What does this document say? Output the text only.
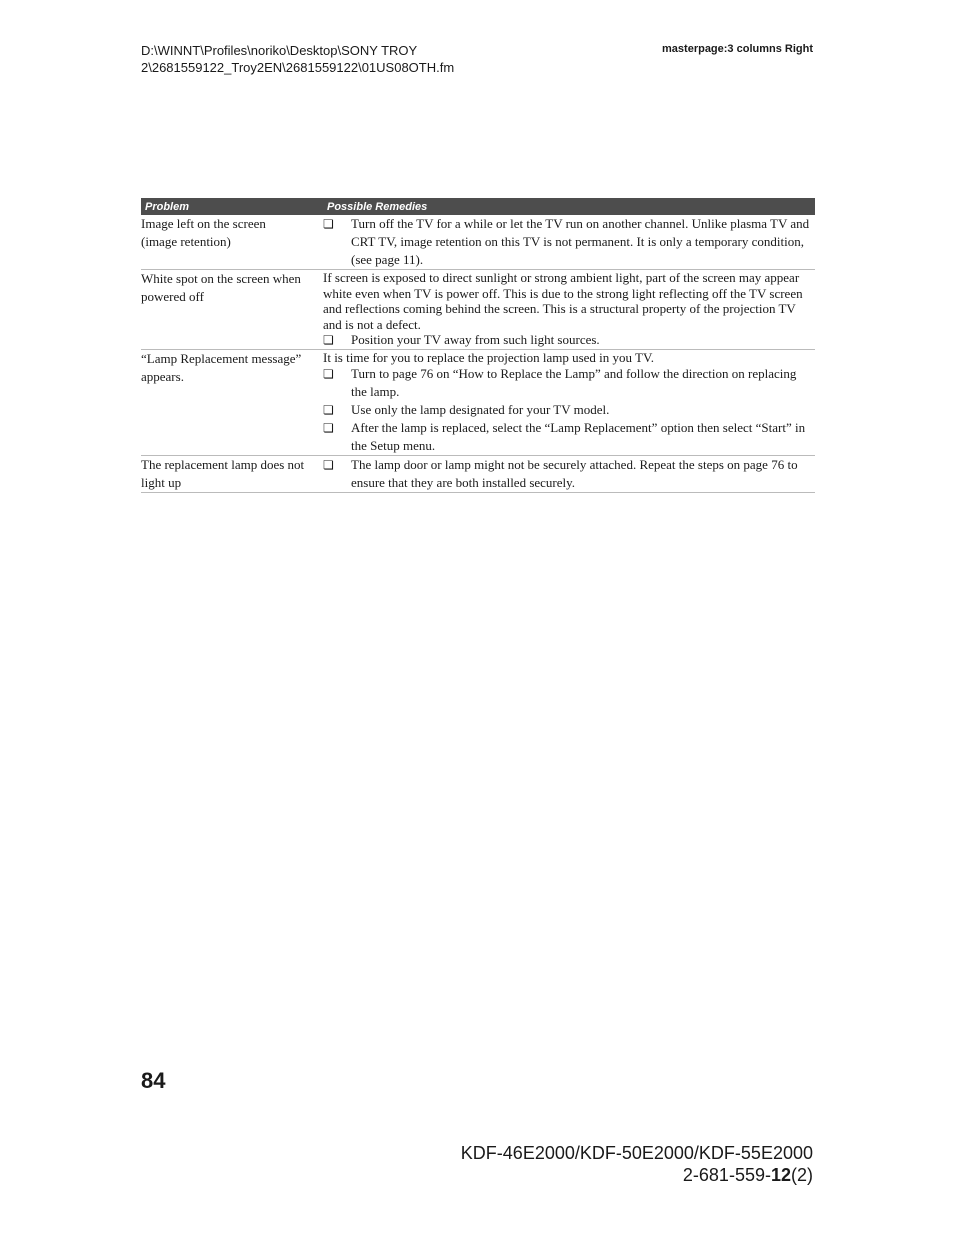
D:\WINNT\Profiles\noriko\Desktop\SONY TROY
2\2681559122_Troy2EN\2681559122\01US08OTH.fm
masterpage:3 columns Right
Problem	Possible Remedies
Image left on the screen
(image retention)
❏
Turn off the TV for a while or let the TV run on another channel. Unlike plasma TV and CRT TV, image retention on this TV is not permanent. It is only a temporary condition, (see page 11).
White spot on the screen when
powered off

If screen is exposed to direct sunlight or strong ambient light, part of the screen may appear white even when TV is power off. This is due to the strong light reflecting off the TV screen and reflections coming behind the screen. This is a structural property of the projection TV and is not a defect.

❏
Position your TV away from such light sources.
“Lamp Replacement message”
appears.

It is time for you to replace the projection lamp used in you TV.

❏
Turn to page 76 on “How to Replace the Lamp” and follow the direction on replacing the lamp.
❏
Use only the lamp designated for your TV model.
❏
After the lamp is replaced, select the “Lamp Replacement” option then select “Start” in the Setup menu.
The replacement lamp does not
light up
❏
The lamp door or lamp might not be securely attached. Repeat the steps on page 76 to ensure that they are both installed securely.
84
KDF-46E2000/KDF-50E2000/KDF-55E2000
2-681-559-12(2)
